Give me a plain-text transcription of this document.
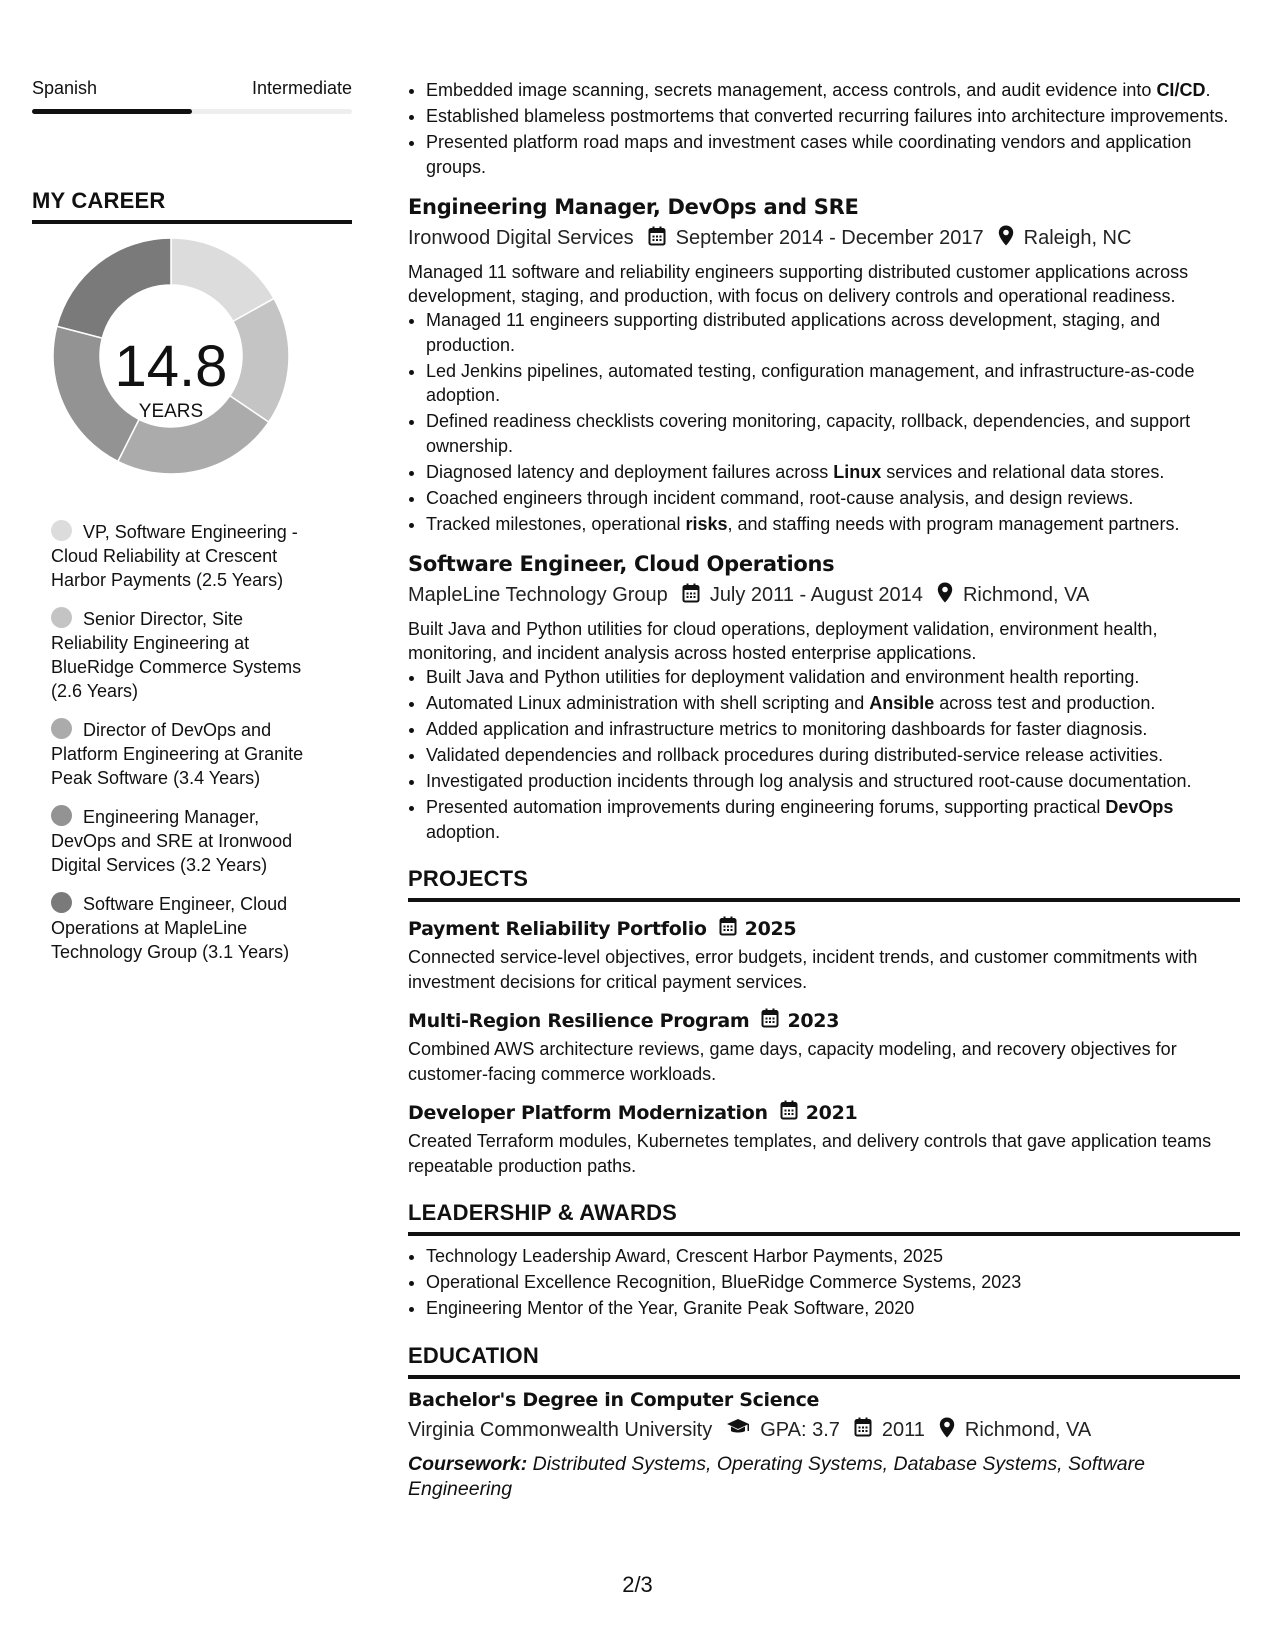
Spanish	Intermediate
MY CAREER
14.8
YEARS
VP, Software Engineering - Cloud Reliability at Crescent Harbor Payments (2.5 Years)
Senior Director, Site Reliability Engineering at BlueRidge Commerce Systems (2.6 Years)
Director of DevOps and Platform Engineering at Granite Peak Software (3.4 Years)
Engineering Manager, DevOps and SRE at Ironwood Digital Services (3.2 Years)
Software Engineer, Cloud Operations at MapleLine Technology Group (3.1 Years)
• Embedded image scanning, secrets management, access controls, and audit evidence into CI/CD.
• Established blameless postmortems that converted recurring failures into architecture improvements.
• Presented platform road maps and investment cases while coordinating vendors and application groups.
Engineering Manager, DevOps and SRE
Ironwood Digital Services September 2014 - December 2017 Raleigh, NC
Managed 11 software and reliability engineers supporting distributed customer applications across development, staging, and production, with focus on delivery controls and operational readiness.
• Managed 11 engineers supporting distributed applications across development, staging, and production.
• Led Jenkins pipelines, automated testing, configuration management, and infrastructure-as-code adoption.
• Defined readiness checklists covering monitoring, capacity, rollback, dependencies, and support ownership.
• Diagnosed latency and deployment failures across Linux services and relational data stores.
• Coached engineers through incident command, root-cause analysis, and design reviews.
• Tracked milestones, operational risks, and staffing needs with program management partners.
Software Engineer, Cloud Operations
MapleLine Technology Group July 2011 - August 2014 Richmond, VA
Built Java and Python utilities for cloud operations, deployment validation, environment health, monitoring, and incident analysis across hosted enterprise applications.
• Built Java and Python utilities for deployment validation and environment health reporting.
• Automated Linux administration with shell scripting and Ansible across test and production.
• Added application and infrastructure metrics to monitoring dashboards for faster diagnosis.
• Validated dependencies and rollback procedures during distributed-service release activities.
• Investigated production incidents through log analysis and structured root-cause documentation.
• Presented automation improvements during engineering forums, supporting practical DevOps adoption.
PROJECTS
Payment Reliability Portfolio 2025
Connected service-level objectives, error budgets, incident trends, and customer commitments with investment decisions for critical payment services.
Multi-Region Resilience Program 2023
Combined AWS architecture reviews, game days, capacity modeling, and recovery objectives for customer-facing commerce workloads.
Developer Platform Modernization 2021
Created Terraform modules, Kubernetes templates, and delivery controls that gave application teams repeatable production paths.
LEADERSHIP & AWARDS
• Technology Leadership Award, Crescent Harbor Payments, 2025
• Operational Excellence Recognition, BlueRidge Commerce Systems, 2023
• Engineering Mentor of the Year, Granite Peak Software, 2020
EDUCATION
Bachelor's Degree in Computer Science
Virginia Commonwealth University GPA: 3.7 2011 Richmond, VA
Coursework: Distributed Systems, Operating Systems, Database Systems, Software Engineering
2/3
